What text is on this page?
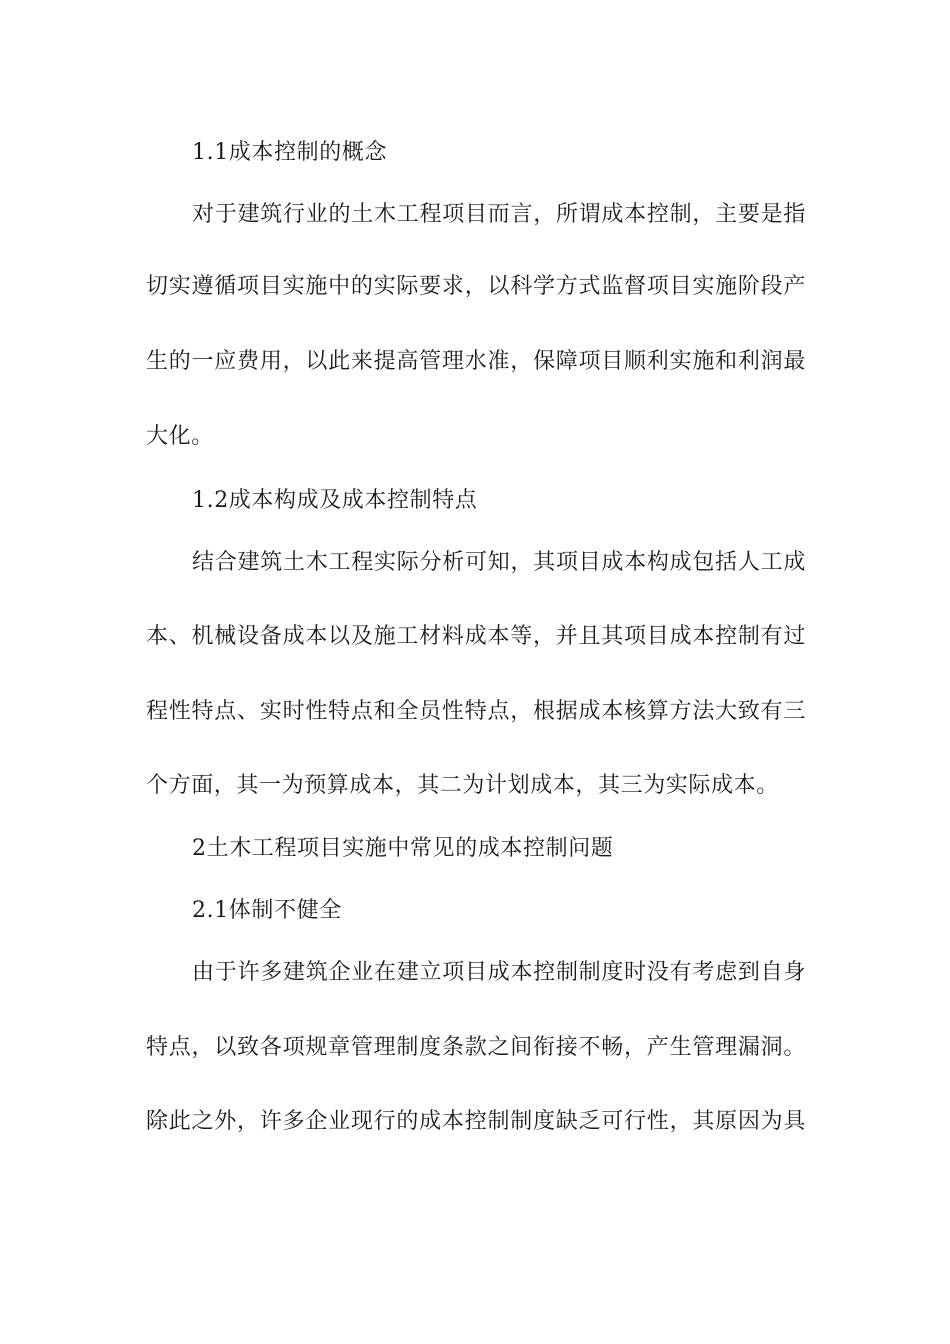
1.1成本控制的概念
对于建筑行业的土木工程项目而言，所谓成本控制，主要是指
切实遵循项目实施中的实际要求，以科学方式监督项目实施阶段产
生的一应费用，以此来提高管理水准，保障项目顺利实施和利润最
大化。
1.2成本构成及成本控制特点
结合建筑土木工程实际分析可知，其项目成本构成包括人工成
本、机械设备成本以及施工材料成本等，并且其项目成本控制有过
程性特点、实时性特点和全员性特点，根据成本核算方法大致有三
个方面，其一为预算成本，其二为计划成本，其三为实际成本。
2土木工程项目实施中常见的成本控制问题
2.1体制不健全
由于许多建筑企业在建立项目成本控制制度时没有考虑到自身
特点，以致各项规章管理制度条款之间衔接不畅，产生管理漏洞。
除此之外，许多企业现行的成本控制制度缺乏可行性，其原因为具
